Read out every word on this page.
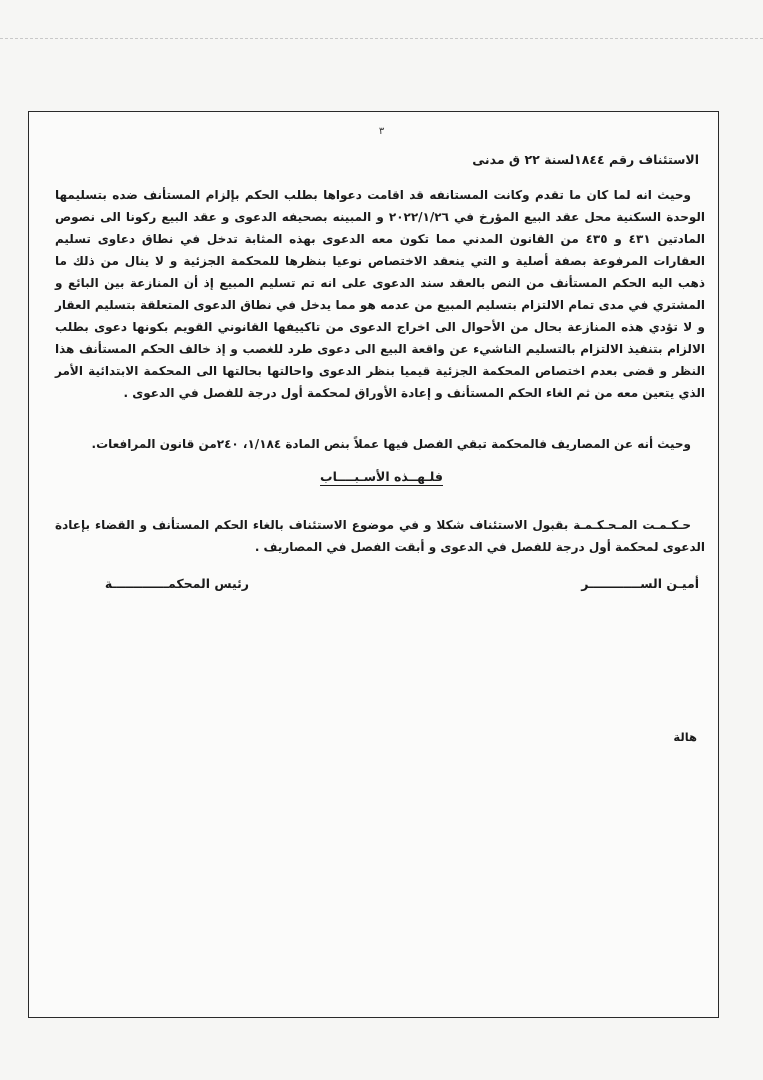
٣
الاستئناف رقم ١٨٤٤لسنة ٢٢ ق مدنى
وحيث انه لما كان ما تقدم وكانت المستانفه قد اقامت دعواها بطلب الحكم بإلزام المستأنف ضده بتسليمها الوحدة السكنية محل عقد البيع المؤرخ في ٢٠٢٢/١/٢٦ و المبينه بصحيفه الدعوى و عقد البيع ركونا الى نصوص المادتين ٤٣١ و ٤٣٥ من القانون المدني مما تكون معه الدعوى بهذه المثابة تدخل في نطاق دعاوى تسليم العقارات المرفوعة بصفة أصلية و التي ينعقد الاختصاص نوعيا بنظرها للمحكمة الجزئية و لا ينال من ذلك ما ذهب اليه الحكم المستأنف من النص بالعقد سند الدعوى على انه تم تسليم المبيع إذ أن المنازعة بين البائع و المشتري في مدى تمام الالتزام بتسليم المبيع من عدمه هو مما يدخل في نطاق الدعوى المتعلقة بتسليم العقار و لا تؤدي هذه المنازعة بحال من الأحوال الى اخراج الدعوى من تاكييفها القانوني القويم بكونها دعوى بطلب الالزام بتنفيذ الالتزام بالتسليم الناشيء عن واقعة البيع الى دعوى طرد للغصب و إذ خالف الحكم المستأنف هذا النظر و قضى بعدم اختصاص المحكمة الجزئية قيميا بنظر الدعوى واحالتها بحالتها الى المحكمة الابتدائية الأمر الذي يتعين معه من ثم الغاء الحكم المستأنف و إعادة الأوراق لمحكمة أول درجة للفصل في الدعوى .
وحيث أنه عن المصاريف فالمحكمة تبقي الفصل فيها عملاً بنص المادة ١/١٨٤، ٢٤٠من قانون المرافعات.
فلـهــذه الأسـبــــاب
حـكـمـت المـحـكـمـة بقبول الاستئناف شكلا و في موضوع الاستئناف بالغاء الحكم المستأنف و القضاء بإعادة الدعوى لمحكمة أول درجة للفصل في الدعوى و أبقت الفصل في المصاريف .
أميـن الســــــــــــر
رئيس المحكمـــــــــــــة
هالة
